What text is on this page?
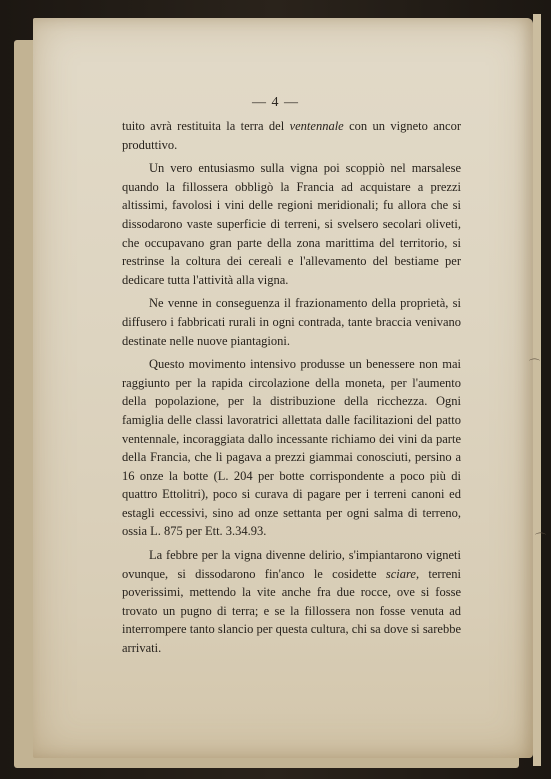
— 4 —

tuito avrà restituita la terra del ventennale con un vigneto ancor produttivo.

Un vero entusiasmo sulla vigna poi scoppiò nel marsalese quando la fillossera obbligò la Francia ad acquistare a prezzi altissimi, favolosi i vini delle regioni meridionali; fu allora che si dissodarono vaste superficie di terreni, si svelsero secolari oliveti, che occupavano gran parte della zona marittima del territorio, si restrinse la coltura dei cereali e l'allevamento del bestiame per dedicare tutta l'attività alla vigna.

Ne venne in conseguenza il frazionamento della proprietà, si diffusero i fabbricati rurali in ogni contrada, tante braccia venivano destinate nelle nuove piantagioni.

Questo movimento intensivo produsse un benessere non mai raggiunto per la rapida circolazione della moneta, per l'aumento della popolazione, per la distribuzione della ricchezza. Ogni famiglia delle classi lavoratrici allettata dalle facilitazioni del patto ventennale, incoraggiata dallo incessante richiamo dei vini da parte della Francia, che li pagava a prezzi giammai conosciuti, persino a 16 onze la botte (L. 204 per botte corrispondente a poco più di quattro Ettolitri), poco si curava di pagare per i terreni canoni ed estagli eccessivi, sino ad onze settanta per ogni salma di terreno, ossia L. 875 per Ett. 3.34.93.

La febbre per la vigna divenne delirio, s'impiantarono vigneti ovunque, si dissodarono fin'anco le cosidette sciare, terreni poverissimi, mettendo la vite anche fra due rocce, ove si fosse trovato un pugno di terra; e se la fillossera non fosse venuta ad interrompere tanto slancio per questa cultura, chi sa dove si sarebbe arrivati.

⌒
⌒
